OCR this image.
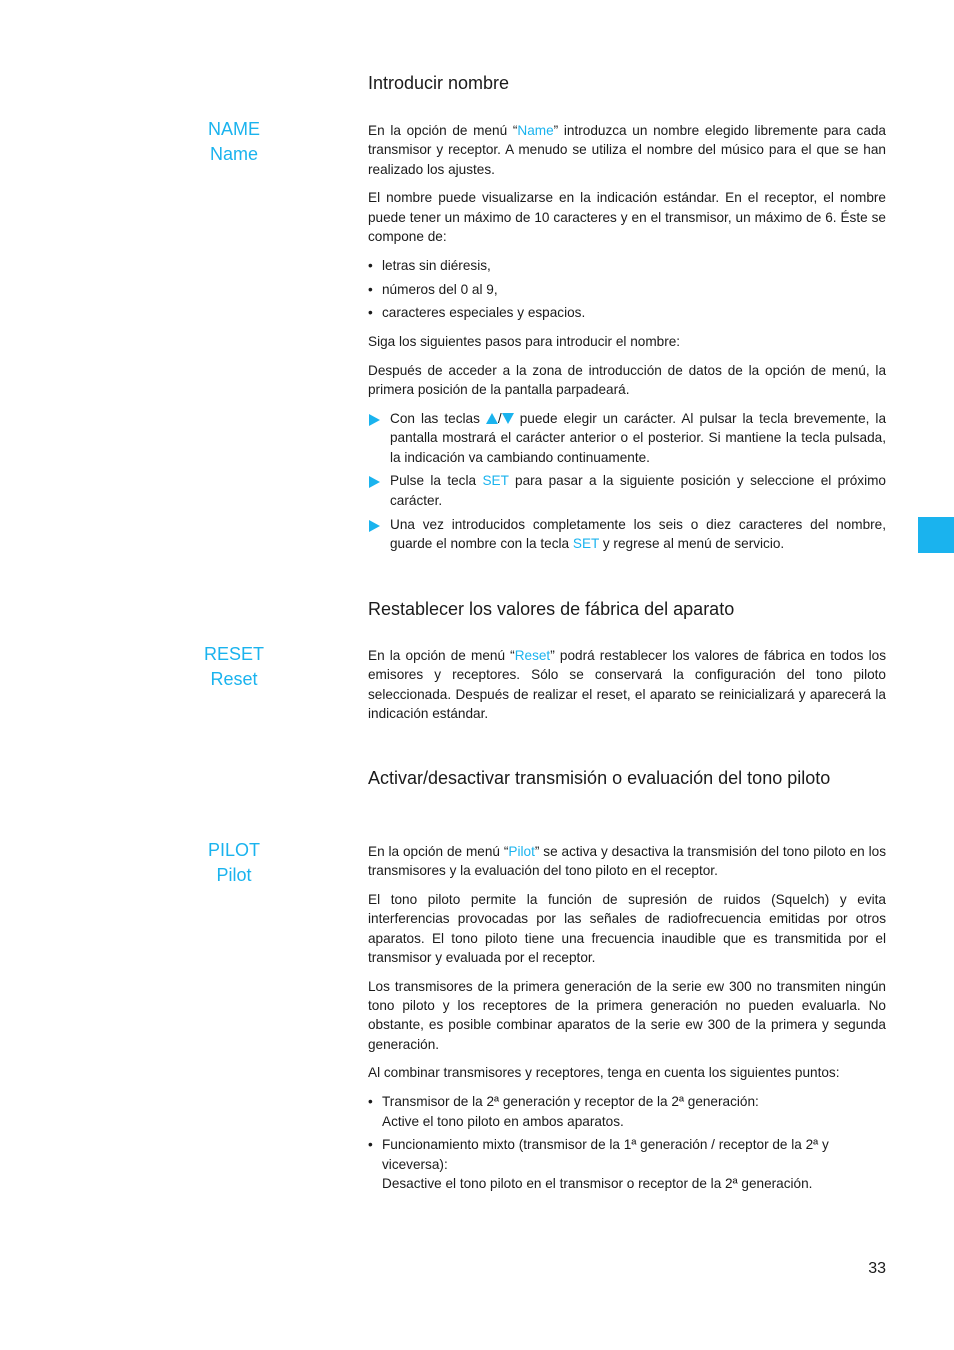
Introducir nombre
NAME
Name

En la opción de menú “Name” introduzca un nombre elegido libremente para cada transmisor y receptor. A menudo se utiliza el nombre del músico para el que se han realizado los ajustes.

El nombre puede visualizarse en la indicación estándar. En el receptor, el nombre puede tener un máximo de 10 caracteres y en el transmisor, un máximo de 6. Éste se compone de:

• letras sin diéresis,
• números del 0 al 9,
• caracteres especiales y espacios.

Siga los siguientes pasos para introducir el nombre:

Después de acceder a la zona de introducción de datos de la opción de menú, la primera posición de la pantalla parpadeará.

Con las teclas / puede elegir un carácter. Al pulsar la tecla brevemente, la pantalla mostrará el carácter anterior o el posterior. Si mantiene la tecla pulsada, la indicación va cambiando continuamente.
Pulse la tecla SET para pasar a la siguiente posición y seleccione el próximo carácter.
Una vez introducidos completamente los seis o diez caracteres del nombre, guarde el nombre con la tecla SET y regrese al menú de servicio.
Restablecer los valores de fábrica del aparato
RESET
Reset

En la opción de menú “Reset” podrá restablecer los valores de fábrica en todos los emisores y receptores. Sólo se conservará la configuración del tono piloto seleccionada. Después de realizar el reset, el aparato se reinicializará y aparecerá la indicación estándar.

Activar/desactivar transmisión o evaluación del tono piloto
PILOT
Pilot

En la opción de menú “Pilot” se activa y desactiva la transmisión del tono piloto en los transmisores y la evaluación del tono piloto en el receptor.

El tono piloto permite la función de supresión de ruidos (Squelch) y evita interferencias provocadas por las señales de radiofrecuencia emitidas por otros aparatos. El tono piloto tiene una frecuencia inaudible que es transmitida por el transmisor y evaluada por el receptor.

Los transmisores de la primera generación de la serie ew 300 no transmiten ningún tono piloto y los receptores de la primera generación no pueden evaluarla. No obstante, es posible combinar aparatos de la serie ew 300 de la primera y segunda generación.

Al combinar transmisores y receptores, tenga en cuenta los siguientes puntos:

• Transmisor de la 2ª generación y receptor de la 2ª generación:
Active el tono piloto en ambos aparatos.
• Funcionamiento mixto (transmisor de la 1ª generación / receptor de la 2ª y viceversa):
Desactive el tono piloto en el transmisor o receptor de la 2ª generación.
33
